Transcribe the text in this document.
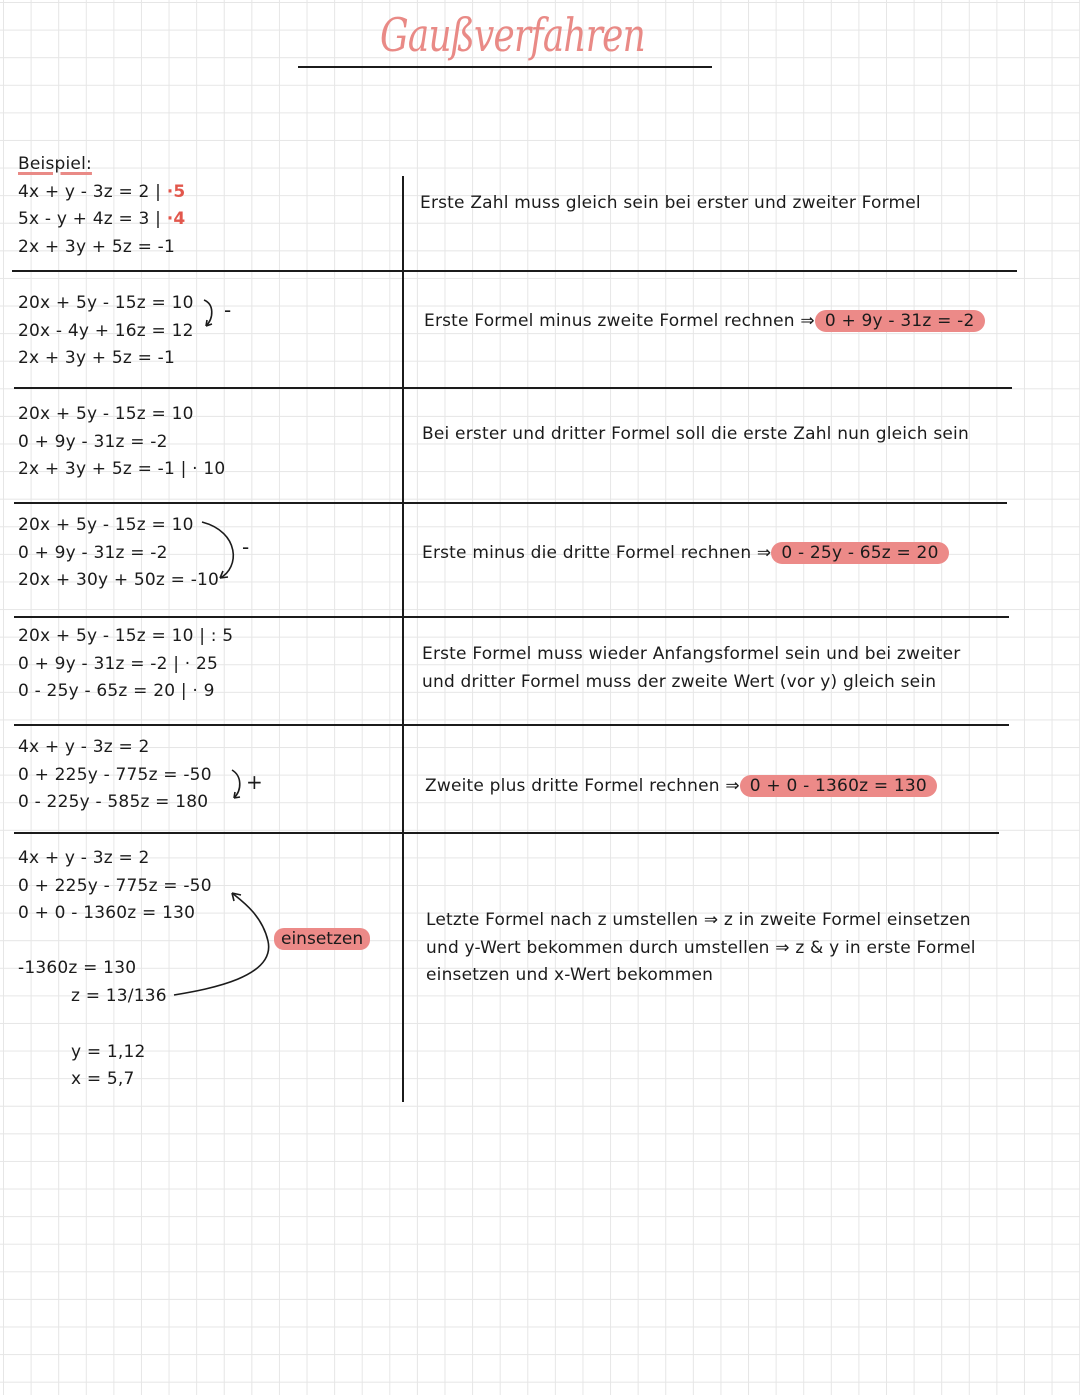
Gaußverfahren
Beispiel:
4x + y - 3z = 2 | ·5
5x - y + 4z = 3 | ·4
2x + 3y + 5z = -1
Erste Zahl muss gleich sein bei erster und zweiter Formel
20x + 5y - 15z = 10
20x - 4y + 16z = 12
2x + 3y + 5z = -1
-	Erste Formel minus zweite Formel rechnen ⇒ 0 + 9y - 31z = -2
20x + 5y - 15z = 10
0 + 9y - 31z = -2
2x + 3y + 5z = -1 | · 10
Bei erster und dritter Formel soll die erste Zahl nun gleich sein
20x + 5y - 15z = 10
0 + 9y - 31z = -2
20x + 30y + 50z = -10
-	Erste minus die dritte Formel rechnen ⇒ 0 - 25y - 65z = 20
20x + 5y - 15z = 10 | : 5
0 + 9y - 31z = -2 | · 25
0 - 25y - 65z = 20 | · 9
Erste Formel muss wieder Anfangsformel sein und bei zweiter
und dritter Formel muss der zweite Wert (vor y) gleich sein
4x + y - 3z = 2
0 + 225y - 775z = -50
0 - 225y - 585z = 180
+	Zweite plus dritte Formel rechnen ⇒ 0 + 0 - 1360z = 130
4x + y - 3z = 2
0 + 225y - 775z = -50
0 + 0 - 1360z = 130
-1360z = 130
z = 13/136
y = 1,12
x = 5,7
einsetzen
Letzte Formel nach z umstellen ⇒ z in zweite Formel einsetzen
und y-Wert bekommen durch umstellen ⇒ z & y in erste Formel
einsetzen und x-Wert bekommen
